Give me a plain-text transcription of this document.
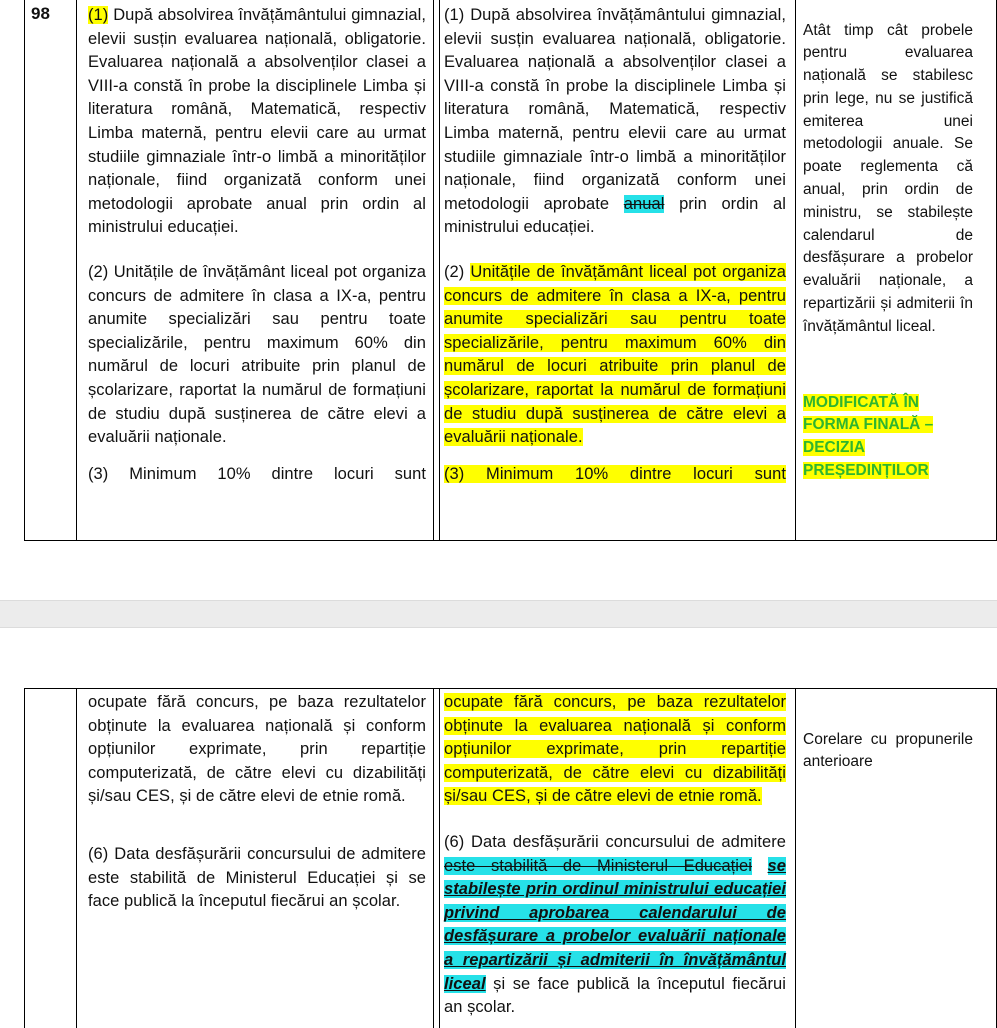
98 (1) După absolvirea învățământului gimnazial, elevii susțin evaluarea națională, obligatorie. Evaluarea națională a absolvenților clasei a VIII-a constă în probe la disciplinele Limba și literatura română, Matematică, respectiv Limba maternă, pentru elevii care au urmat studiile gimnaziale într-o limbă a minorităților naționale, fiind organizată conform unei metodologii aprobate anual prin ordin al ministrului educației.

(2) Unitățile de învățământ liceal pot organiza concurs de admitere în clasa a IX-a, pentru anumite specializări sau pentru toate specializările, pentru maximum 60% din numărul de locuri atribuite prin planul de școlarizare, raportat la numărul de formațiuni de studiu după susținerea de către elevi a evaluării naționale.

(3) Minimum 10% dintre locuri sunt

(1) După absolvirea învățământului gimnazial, elevii susțin evaluarea națională, obligatorie. Evaluarea națională a absolvenților clasei a VIII-a constă în probe la disciplinele Limba și literatura română, Matematică, respectiv Limba maternă, pentru elevii care au urmat studiile gimnaziale într-o limbă a minorităților naționale, fiind organizată conform unei metodologii aprobate anual prin ordin al ministrului educației.

(2) Unitățile de învățământ liceal pot organiza concurs de admitere în clasa a IX-a, pentru anumite specializări sau pentru toate specializările, pentru maximum 60% din numărul de locuri atribuite prin planul de școlarizare, raportat la numărul de formațiuni de studiu după susținerea de către elevi a evaluării naționale.

(3) Minimum 10% dintre locuri sunt

Atât timp cât probele pentru evaluarea națională se stabilesc prin lege, nu se justifică emiterea unei metodologii anuale. Se poate reglementa că anual, prin ordin de ministru, se stabilește calendarul de desfășurare a probelor evaluării naționale, a repartizării și admiterii în învățământul liceal.

MODIFICATĂ ÎN FORMA FINALĂ – DECIZIA PREȘEDINȚILOR

ocupate fără concurs, pe baza rezultatelor obținute la evaluarea națională și conform opțiunilor exprimate, prin repartiție computerizată, de către elevi cu dizabilități și/sau CES, și de către elevi de etnie romă.

(6) Data desfășurării concursului de admitere este stabilită de Ministerul Educației și se face publică la începutul fiecărui an școlar.

ocupate fără concurs, pe baza rezultatelor obținute la evaluarea națională și conform opțiunilor exprimate, prin repartiție computerizată, de către elevi cu dizabilități și/sau CES, și de către elevi de etnie romă.

(6) Data desfășurării concursului de admitere este stabilită de Ministerul Educației se stabilește prin ordinul ministrului educației privind aprobarea calendarului de desfășurare a probelor evaluării naționale a repartizării și admiterii în învățământul liceal și se face publică la începutul fiecărui an școlar.

Corelare cu propunerile anterioare
